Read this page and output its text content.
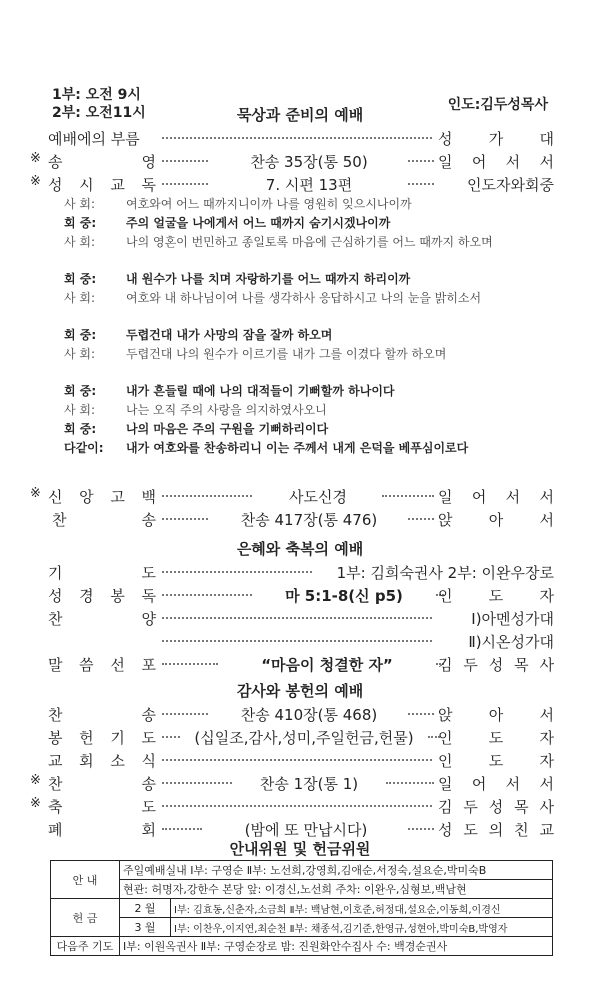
1부: 오전 9시
2부: 오전11시	묵상과 준비의 예배
인도:김두성목사
예배에의 부름	성 가 대
※ 송	영	찬송 35장(통 50)	일 어 서 서
※ 성 시 교 독	7. 시편 13편	인도자와회중
사 회:	여호와여 어느 때까지니이까 나를 영원히 잊으시나이까
회 중: 주의 얼굴을 나에게서 어느 때까지 숨기시겠나이까
사 회:	나의 영혼이 번민하고 종일토록 마음에 근심하기를 어느 때까지 하오며
회 중: 내 원수가 나를 치며 자랑하기를 어느 때까지 하리이까
사 회:	여호와 내 하나님이여 나를 생각하사 응답하시고 나의 눈을 밝히소서
회 중: 두렵건대 내가 사망의 잠을 잘까 하오며
사 회:	두렵건대 나의 원수가 이르기를 내가 그를 이겼다 할까 하오며
회 중: 내가 흔들릴 때에 나의 대적들이 기뻐할까 하나이다
사 회:	나는 오직 주의 사랑을 의지하였사오니
회 중: 나의 마음은 주의 구원을 기뻐하리이다
다같이: 내가 여호와를 찬송하리니 이는 주께서 내게 은덕을 베푸심이로다
※ 신 앙 고 백	사도신경	일 어 서 서
찬	송	찬송 417장(통 476)	앉 아 서
은혜와 축복의 예배
기	도	1부: 김희숙권사 2부: 이완우장로
성 경 봉 독	마 5:1-8(신 p5)	인 도 자
찬	양	Ⅰ)아멘성가대
Ⅱ)시온성가대
말 씀 선 포	“마음이 청결한 자”	김 두 성 목 사
감사와 봉헌의 예배
찬	송	찬송 410장(통 468)	앉 아 서
봉 헌 기 도	(십일조,감사,성미,주일헌금,헌물)	인 도 자
교 회 소 식	인 도 자
※ 찬	송	찬송 1장(통 1)	일 어 서 서
※ 축	도	김 두 성 목 사
폐	회	(밤에 또 만납시다)	성 도 의 친 교
안내위원 및 헌금위원
안 내	주일예배실내 Ⅰ부: 구영순 Ⅱ부: 노선희,강영희,김애순,서정숙,설요순,박미숙B	
	현관: 허명자,강한수 본당 앞: 이경신,노선희 주차: 이완우,심형보,백남현	
헌 금	2 월	Ⅰ부: 김효동,신춘자,소금희 Ⅱ부: 백남현,이호준,허정대,설요순,이동희,이경신
	3 월	Ⅰ부: 이찬우,이지연,최순천 Ⅱ부: 채종석,김기준,한영규,성현아,박미숙B,박영자
다음주 기도	Ⅰ부: 이원옥권사 Ⅱ부: 구영순장로 밤: 진원화안수집사 수: 백경순권사	
